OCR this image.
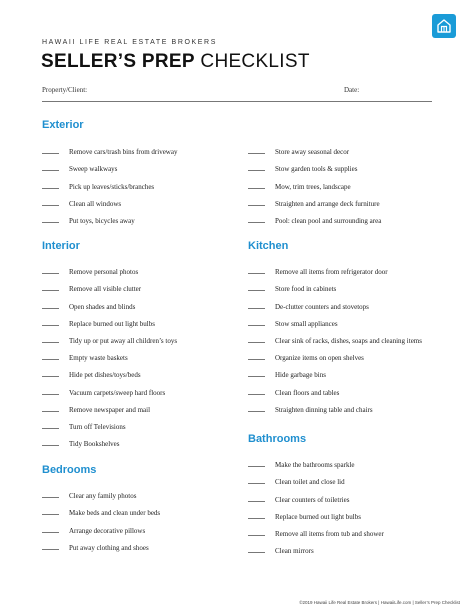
HAWAII LIFE REAL ESTATE BROKERS
SELLER’S PREP CHECKLIST
Property/Client:	Date:
Exterior
Remove cars/trash bins from driveway
Sweep walkways
Pick up leaves/sticks/branches
Clean all windows
Put toys, bicycles away
Store away seasonal decor
Stow garden tools & supplies
Mow, trim trees, landscape
Straighten and arrange deck furniture
Pool: clean pool and surrounding area
Interior
Remove personal photos
Remove all visible clutter
Open shades and blinds
Replace burned out light bulbs
Tidy up or put away all children’s toys
Empty waste baskets
Hide pet dishes/toys/beds
Vacuum carpets/sweep hard floors
Remove newspaper and mail
Turn off Televisions
Tidy Bookshelves
Kitchen
Remove all items from refrigerator door
Store food in cabinets
De-clutter counters and stovetops
Stow small appliances
Clear sink of racks, dishes, soaps and cleaning items
Organize items on open shelves
Hide garbage bins
Clean floors and tables
Straighten dinning table and chairs
Bedrooms
Clear any family photos
Make beds and clean under beds
Arrange decorative pillows
Put away clothing and shoes
Bathrooms
Make the bathrooms sparkle
Clean toilet and close lid
Clear counters of toiletries
Replace burned out light bulbs
Remove all items from tub and shower
Clean mirrors
©2019 Hawaii Life Real Estate Brokers | HawaiiLife.com | Seller’s Prep Checklist
